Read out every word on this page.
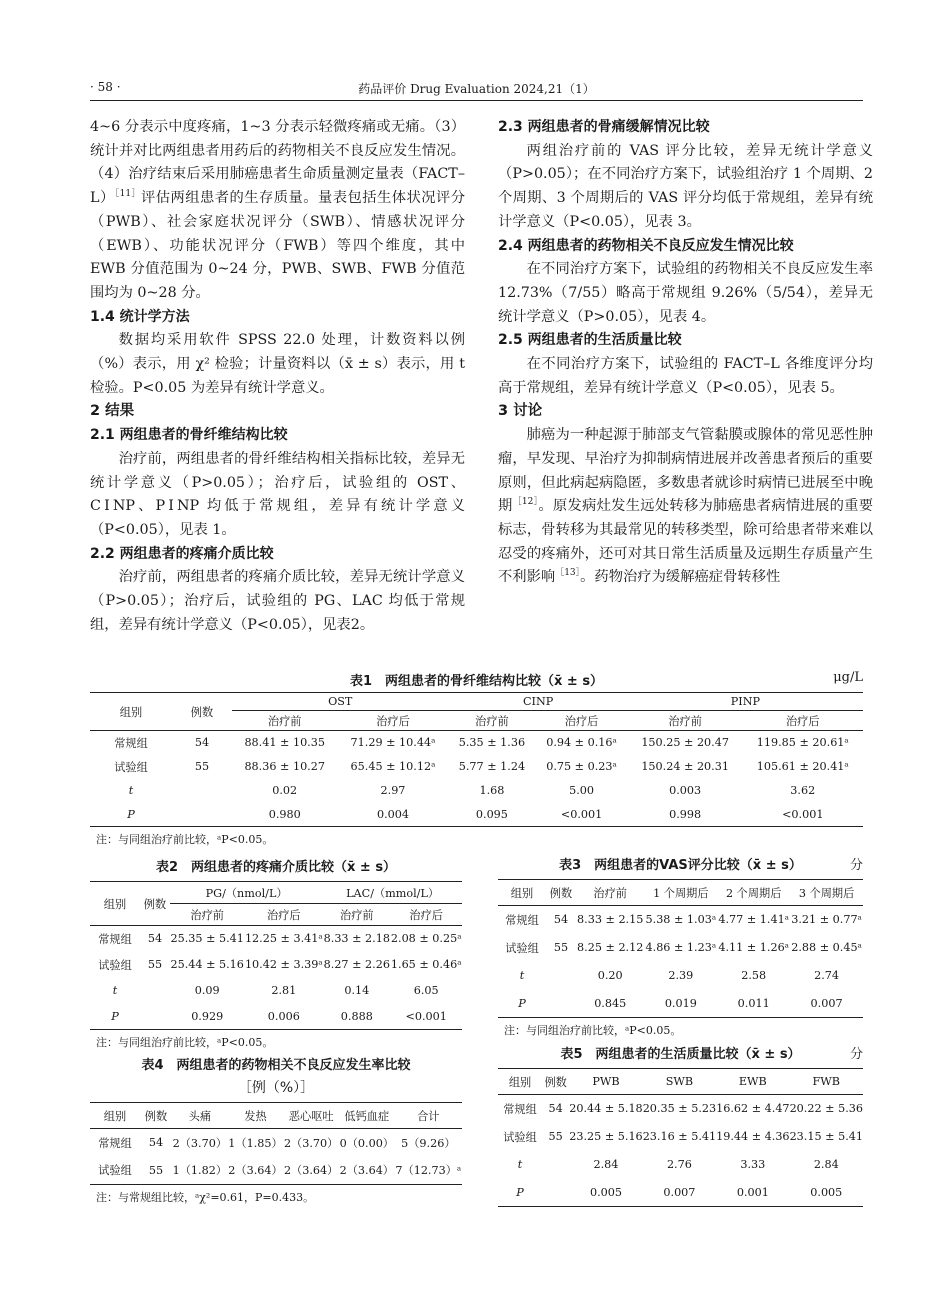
· 58 ·	药品评价 Drug Evaluation 2024,21（1）

4~6 分表示中度疼痛，1~3 分表示轻微疼痛或无痛。（3）统计并对比两组患者用药后的药物相关不良反应发生情况。（4）治疗结束后采用肺癌患者生命质量测定量表（FACT–L）$^{[11]}$评估两组患者的生存质量。量表包括生体状况评分（PWB）、社会家庭状况评分（SWB）、情感状况评分（EWB）、功能状况评分（FWB）等四个维度，其中 EWB 分值范围为 0~24 分，PWB、SWB、FWB 分值范围均为 0~28 分。

1.4 统计学方法

数据均采用软件 SPSS 22.0 处理，计数资料以例（%）表示，用 χ² 检验；计量资料以（x̄ ± s）表示，用 t 检验。P<0.05 为差异有统计学意义。

2 结果
2.1 两组患者的骨纤维结构比较

治疗前，两组患者的骨纤维结构相关指标比较，差异无统计学意义（P>0.05）；治疗后，试验组的 OST、CⅠNP、PⅠNP 均低于常规组，差异有统计学意义（P<0.05），见表 1。

2.2 两组患者的疼痛介质比较

治疗前，两组患者的疼痛介质比较，差异无统计学意义（P>0.05）；治疗后，试验组的 PG、LAC 均低于常规组，差异有统计学意义（P<0.05），见表2。

2.3 两组患者的骨痛缓解情况比较

两组治疗前的 VAS 评分比较，差异无统计学意义（P>0.05）；在不同治疗方案下，试验组治疗 1 个周期、2 个周期、3 个周期后的 VAS 评分均低于常规组，差异有统计学意义（P<0.05），见表 3。

2.4 两组患者的药物相关不良反应发生情况比较

在不同治疗方案下，试验组的药物相关不良反应发生率 12.73%（7/55）略高于常规组 9.26%（5/54），差异无统计学意义（P>0.05），见表 4。

2.5 两组患者的生活质量比较

在不同治疗方案下，试验组的 FACT–L 各维度评分均高于常规组，差异有统计学意义（P<0.05），见表 5。

3 讨论

肺癌为一种起源于肺部支气管黏膜或腺体的常见恶性肿瘤，早发现、早治疗为抑制病情进展并改善患者预后的重要原则，但此病起病隐匿，多数患者就诊时病情已进展至中晚期$^{[12]}$。原发病灶发生远处转移为肺癌患者病情进展的重要标志，骨转移为其最常见的转移类型，除可给患者带来难以忍受的疼痛外，还可对其日常生活质量及远期生存质量产生不利影响$^{[13]}$。药物治疗为缓解癌症骨转移性

表1　两组患者的骨纤维结构比较（x̄ ± s）	μg/L
组别	例数	OST		CⅠNP		PⅠNP	
		治疗前	治疗后	治疗前	治疗后	治疗前	治疗后
常规组	54	88.41 ± 10.35	71.29 ± 10.44ᵃ	5.35 ± 1.36	0.94 ± 0.16ᵃ	150.25 ± 20.47	119.85 ± 20.61ᵃ
试验组	55	88.36 ± 10.27	65.45 ± 10.12ᵃ	5.77 ± 1.24	0.75 ± 0.23ᵃ	150.24 ± 20.31	105.61 ± 20.41ᵃ
t		0.02	2.97	1.68	5.00	0.003	3.62
P		0.980	0.004	0.095	<0.001	0.998	<0.001
注：与同组治疗前比较，ᵃP<0.05。
表2　两组患者的疼痛介质比较（x̄ ± s）
组别	例数	PG/（nmol/L）		LAC/（mmol/L）	
		治疗前	治疗后	治疗前	治疗后
常规组	54	25.35 ± 5.41	12.25 ± 3.41ᵃ	8.33 ± 2.18	2.08 ± 0.25ᵃ
试验组	55	25.44 ± 5.16	10.42 ± 3.39ᵃ	8.27 ± 2.26	1.65 ± 0.46ᵃ
t		0.09	2.81	0.14	6.05
P		0.929	0.006	0.888	<0.001
注：与同组治疗前比较，ᵃP<0.05。
表4　两组患者的药物相关不良反应发生率比较
［例（%）］
组别	例数	头痛	发热	恶心呕吐	低钙血症	合计
常规组	54	2（3.70）	1（1.85）	2（3.70）	0（0.00）	5（9.26）
试验组	55	1（1.82）	2（3.64）	2（3.64）	2（3.64）	7（12.73）ᵃ
注：与常规组比较，ᵃχ²=0.61，P=0.433。
表3　两组患者的VAS评分比较（x̄ ± s）	分
组别	例数	治疗前	1 个周期后	2 个周期后	3 个周期后
常规组	54	8.33 ± 2.15	5.38 ± 1.03ᵃ	4.77 ± 1.41ᵃ	3.21 ± 0.77ᵃ
试验组	55	8.25 ± 2.12	4.86 ± 1.23ᵃ	4.11 ± 1.26ᵃ	2.88 ± 0.45ᵃ
t		0.20	2.39	2.58	2.74
P		0.845	0.019	0.011	0.007
注：与同组治疗前比较，ᵃP<0.05。
表5　两组患者的生活质量比较（x̄ ± s）	分
组别	例数	PWB	SWB	EWB	FWB
常规组	54	20.44 ± 5.18	20.35 ± 5.23	16.62 ± 4.47	20.22 ± 5.36
试验组	55	23.25 ± 5.16	23.16 ± 5.41	19.44 ± 4.36	23.15 ± 5.41
t		2.84	2.76	3.33	2.84
P		0.005	0.007	0.001	0.005
